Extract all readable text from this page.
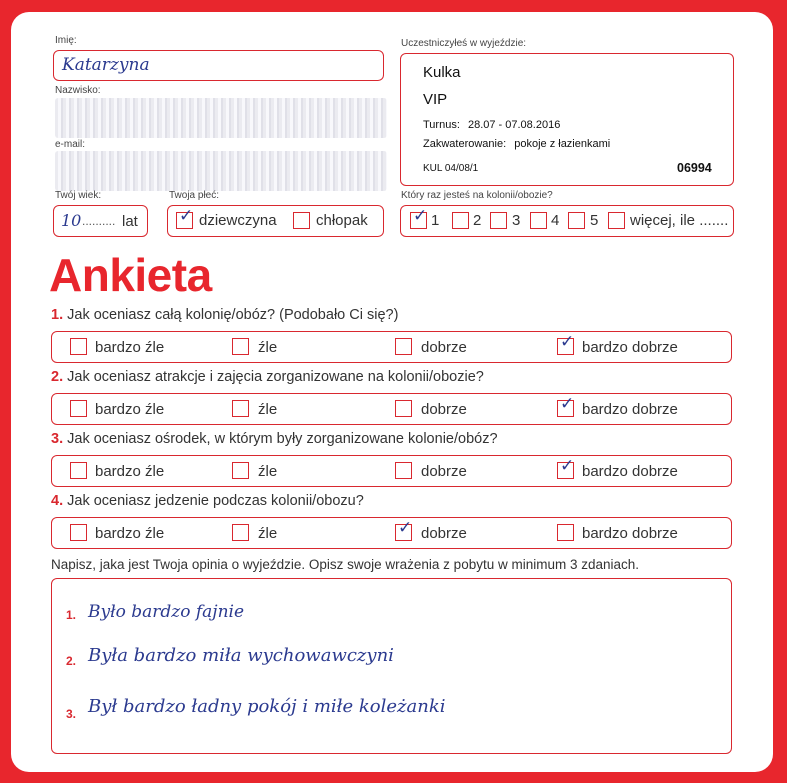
Imię:
Katarzyna
Nazwisko:
e-mail:
Twój wiek:
10 .......... lat
Twoja płeć:
✓ dziewczyna	chłopak
Uczestniczyłeś w wyjeździe:
Kulka
VIP
Turnus: 28.07 - 07.08.2016
Zakwaterowanie: pokoje z łazienkami
KUL 04/08/1	06994
Który raz jesteś na kolonii/obozie?
✓ 1 2 3 4 5 więcej, ile .......
Ankieta
1. Jak oceniasz całą kolonię/obóz? (Podobało Ci się?)
bardzo źle	źle	dobrze	✓ bardzo dobrze
2. Jak oceniasz atrakcje i zajęcia zorganizowane na kolonii/obozie?
bardzo źle	źle	dobrze	✓ bardzo dobrze
3. Jak oceniasz ośrodek, w którym były zorganizowane kolonie/obóz?
bardzo źle	źle	dobrze	✓ bardzo dobrze
4. Jak oceniasz jedzenie podczas kolonii/obozu?
bardzo źle	źle	✓ dobrze	bardzo dobrze
Napisz, jaka jest Twoja opinia o wyjeździe. Opisz swoje wrażenia z pobytu w minimum 3 zdaniach.
1. Było bardzo fajnie
2. Była bardzo miła wychowawczyni
3. Był bardzo ładny pokój i miłe koleżanki
